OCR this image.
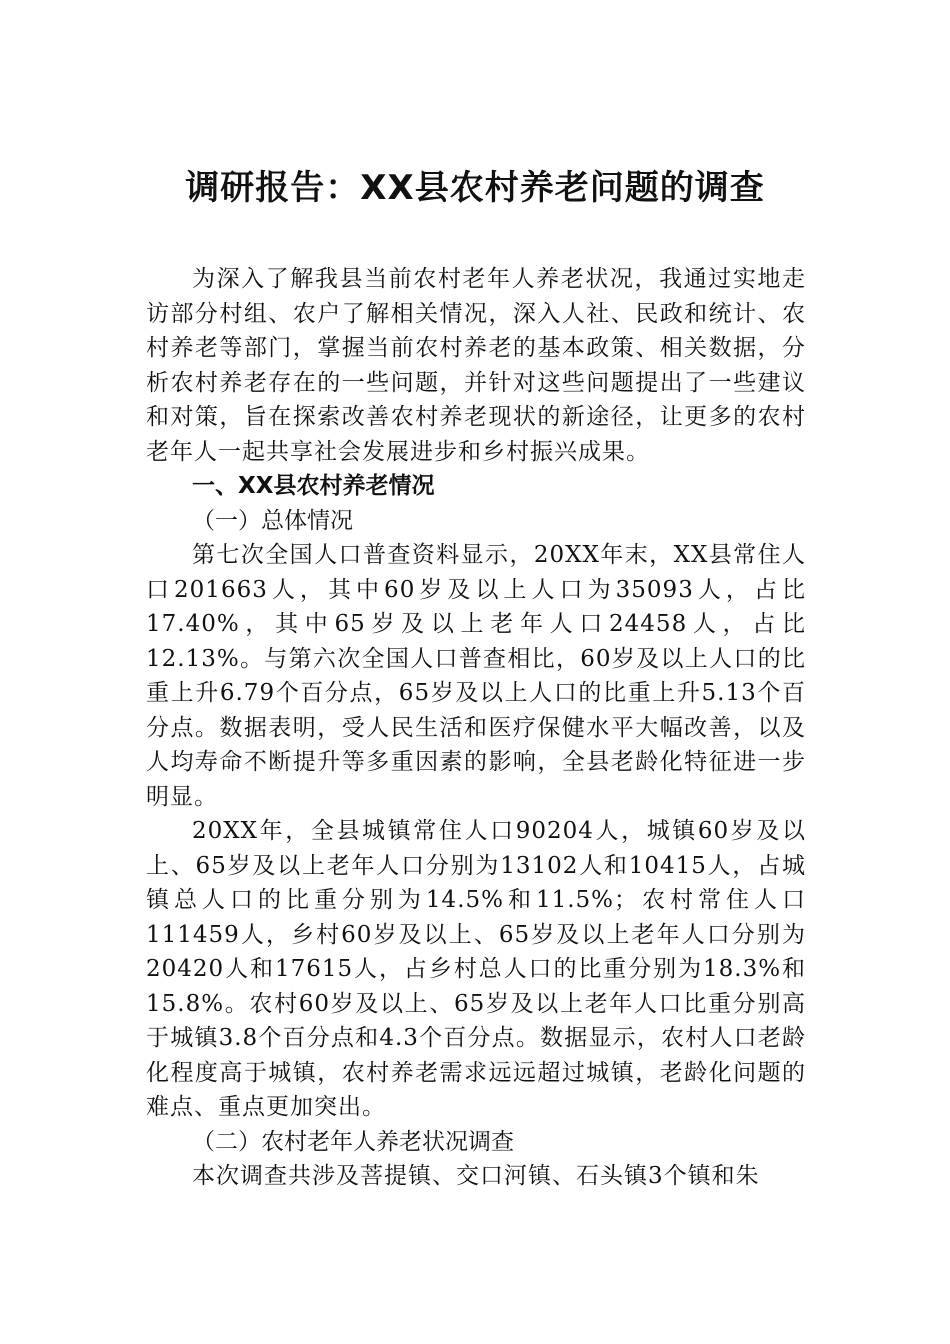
调研报告：XX县农村养老问题的调查

为深入了解我县当前农村老年人养老状况，我通过实地走访部分村组、农户了解相关情况，深入人社、民政和统计、农村养老等部门，掌握当前农村养老的基本政策、相关数据，分析农村养老存在的一些问题，并针对这些问题提出了一些建议和对策，旨在探索改善农村养老现状的新途径，让更多的农村老年人一起共享社会发展进步和乡村振兴成果。

一、XX县农村养老情况

（一）总体情况

第七次全国人口普查资料显示，20XX年末，XX县常住人口201663人，其中60岁及以上人口为35093人，占比17.40%，其中65岁及以上老年人口24458人，占比12.13%。与第六次全国人口普查相比，60岁及以上人口的比重上升6.79个百分点，65岁及以上人口的比重上升5.13个百分点。数据表明，受人民生活和医疗保健水平大幅改善，以及人均寿命不断提升等多重因素的影响，全县老龄化特征进一步明显。

20XX年，全县城镇常住人口90204人，城镇60岁及以上、65岁及以上老年人口分别为13102人和10415人，占城镇总人口的比重分别为14.5%和11.5%；农村常住人口111459人，乡村60岁及以上、65岁及以上老年人口分别为20420人和17615人，占乡村总人口的比重分别为18.3%和15.8%。农村60岁及以上、65岁及以上老年人口比重分别高于城镇3.8个百分点和4.3个百分点。数据显示，农村人口老龄化程度高于城镇，农村养老需求远远超过城镇，老龄化问题的难点、重点更加突出。

（二）农村老年人养老状况调查

本次调查共涉及菩提镇、交口河镇、石头镇3个镇和朱
